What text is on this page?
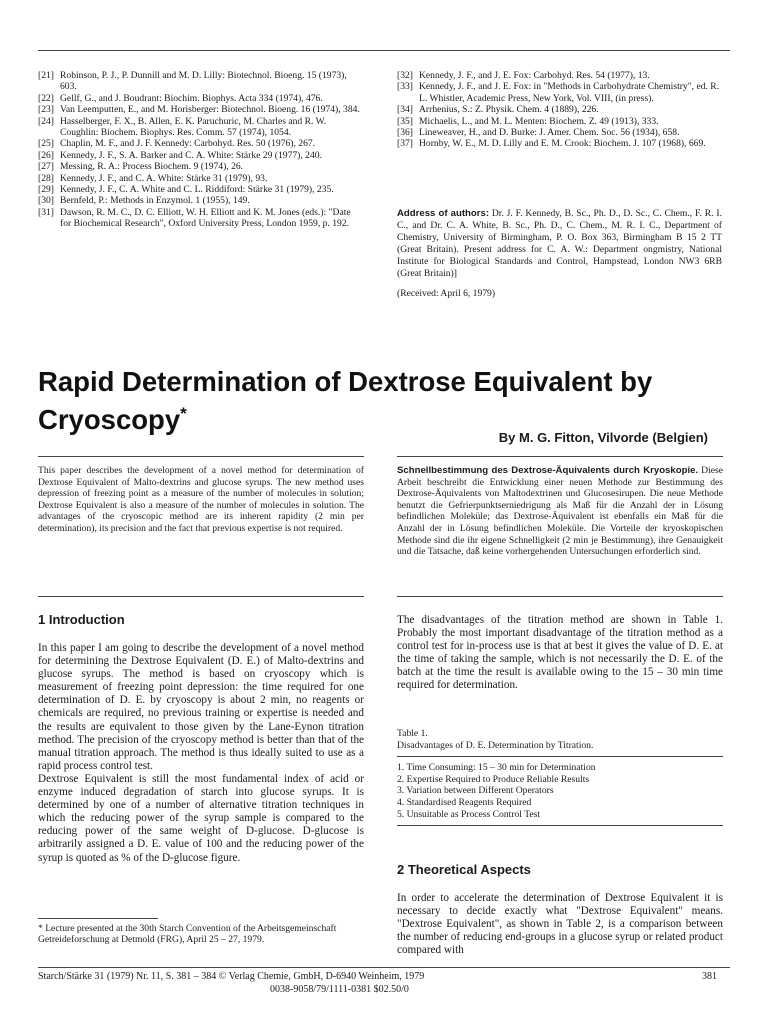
[21] Robinson, P. J., P. Dunnill and M. D. Lilly: Biotechnol. Bioeng. 15 (1973), 603.
[22] Gellf, G., and J. Boudrant: Biochim. Biophys. Acta 334 (1974), 476.
[23] Van Leemputten, E., and M. Horisberger: Biotechnol. Bioeng. 16 (1974), 384.
[24] Hasselberger, F. X., B. Allen, E. K. Paruchuric, M. Charles and R. W. Coughlin: Biochem. Biophys. Res. Comm. 57 (1974), 1054.
[25] Chaplin, M. F., and J. F. Kennedy: Carbohyd. Res. 50 (1976), 267.
[26] Kennedy, J. F., S. A. Barker and C. A. White: Stärke 29 (1977), 240.
[27] Messing, R. A.: Process Biochem. 9 (1974), 26.
[28] Kennedy, J. F., and C. A. White: Stärke 31 (1979), 93.
[29] Kennedy, J. F., C. A. White and C. L. Riddiford: Stärke 31 (1979), 235.
[30] Bernfeld, P.: Methods in Enzymol. 1 (1955), 149.
[31] Dawson, R. M. C., D. C. Elliott, W. H. Elliott and K. M. Jones (eds.): "Date for Biochemical Research", Oxford University Press, London 1959, p. 192.
[32] Kennedy, J. F., and J. E. Fox: Carbohyd. Res. 54 (1977), 13.
[33] Kennedy, J. F., and J. E. Fox: in "Methods in Carbohydrate Chemistry", ed. R. L. Whistler, Academic Press, New York, Vol. VIII, (in press).
[34] Arrhenius, S.: Z. Physik. Chem. 4 (1889), 226.
[35] Michaelis, L., and M. L. Menten: Biochem. Z. 49 (1913), 333.
[36] Lineweaver, H., and D. Burke: J. Amer. Chem. Soc. 56 (1934), 658.
[37] Hornby, W. E., M. D. Lilly and E. M. Crook: Biochem. J. 107 (1968), 669.
Address of authors: Dr. J. F. Kennedy, B. Sc., Ph. D., D. Sc., C. Chem., F. R. I. C., and Dr. C. A. White, B. Sc., Ph. D., C. Chem., M. R. I. C., Department of Chemistry, University of Birmingham, P. O. Box 363, Birmingham B 15 2 TT (Great Britain). Present address for C. A. W.: Department ongmistry, National Institute for Biological Standards and Control, Hampstead, London NW3 6RB (Great Britain)]
(Received: April 6, 1979)
Rapid Determination of Dextrose Equivalent by Cryoscopy*
By M. G. Fitton, Vilvorde (Belgien)
This paper describes the development of a novel method for determination of Dextrose Equivalent of Malto-dextrins and glucose syrups. The new method uses depression of freezing point as a measure of the number of molecules in solution; Dextrose Equivalent is also a measure of the number of molecules in solution. The advantages of the cryoscopic method are its inherent rapidity (2 min per determination), its precision and the fact that previous expertise is not required.
Schnellbestimmung des Dextrose-Äquivalents durch Kryoskopie. Diese Arbeit beschreibt die Entwicklung einer neuen Methode zur Bestimmung des Dextrose-Äquivalents von Maltodextrinen und Glucosesirupen. Die neue Methode benutzt die Gefrierpunktserniedrigung als Maß für die Anzahl der in Lösung befindlichen Moleküle; das Dextrose-Äquivalent ist ebenfalls ein Maß für die Anzahl der in Lösung befindlichen Moleküle. Die Vorteile der kryoskopischen Methode sind die ihr eigene Schnelligkeit (2 min je Bestimmung), ihre Genauigkeit und die Tatsache, daß keine vorhergehenden Untersuchungen erforderlich sind.
1 Introduction

In this paper I am going to describe the development of a novel method for determining the Dextrose Equivalent (D. E.) of Malto-dextrins and glucose syrups. The method is based on cryoscopy which is measurement of freezing point depression: the time required for one determination of D. E. by cryoscopy is about 2 min, no reagents or chemicals are required, no previous training or expertise is needed and the results are equivalent to those given by the Lane-Eynon titration method. The precision of the cryoscopy method is better than that of the manual titration approach. The method is thus ideally suited to use as a rapid process control test.

Dextrose Equivalent is still the most fundamental index of acid or enzyme induced degradation of starch into glucose syrups. It is determined by one of a number of alternative titration techniques in which the reducing power of the syrup sample is compared to the reducing power of the same weight of D-glucose. D-glucose is arbitrarily assigned a D. E. value of 100 and the reducing power of the syrup is quoted as % of the D-glucose figure.

* Lecture presented at the 30th Starch Convention of the Arbeitsgemeinschaft Getreideforschung at Detmold (FRG), April 25 – 27, 1979.
The disadvantages of the titration method are shown in Table 1. Probably the most important disadvantage of the titration method as a control test for in-process use is that at best it gives the value of D. E. at the time of taking the sample, which is not necessarily the D. E. of the batch at the time the result is available owing to the 15 – 30 min time required for determination.
Table 1.
Disadvantages of D. E. Determination by Titration.
1. Time Consuming: 15 – 30 min for Determination
2. Expertise Required to Produce Reliable Results
3. Variation between Different Operators
4. Standardised Reagents Required
5. Unsuitable as Process Control Test
2 Theoretical Aspects
In order to accelerate the determination of Dextrose Equivalent it is necessary to decide exactly what "Dextrose Equivalent" means. "Dextrose Equivalent", as shown in Table 2, is a comparison between the number of reducing end-groups in a glucose syrup or related product compared with
Starch/Stärke 31 (1979) Nr. 11, S. 381 – 384 © Verlag Chemie, GmbH, D-6940 Weinheim, 1979
0038-9058/79/1111-0381 $02.50/0
381
